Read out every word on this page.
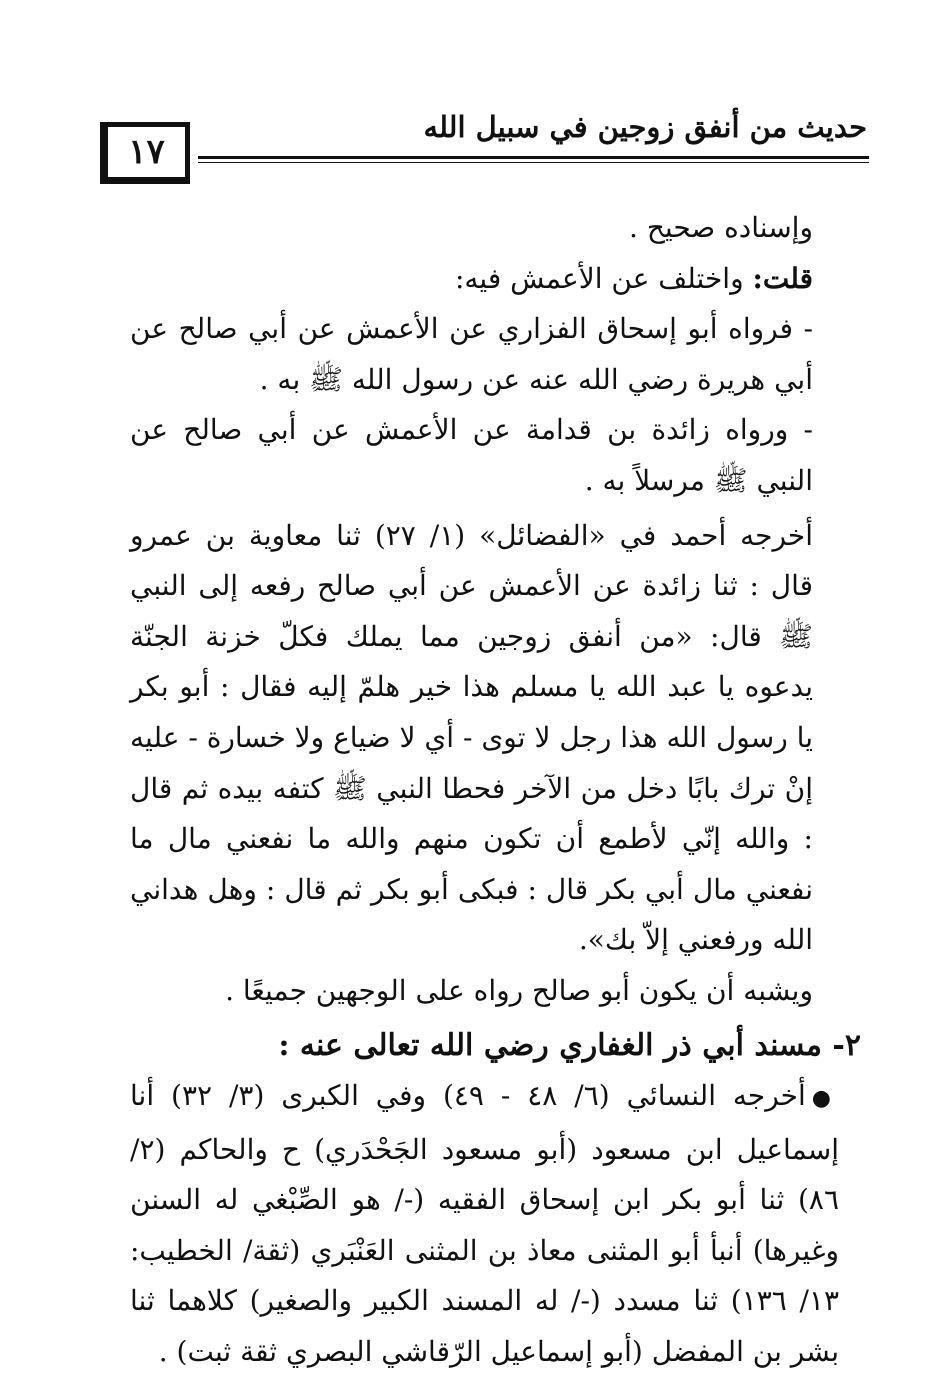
١٧
حديث من أنفق زوجين في سبيل الله

وإسناده صحيح .

قلت: واختلف عن الأعمش فيه:

- فرواه أبو إسحاق الفزاري عن الأعمش عن أبي صالح عن أبي هريرة رضي الله عنه عن رسول الله ﷺ به .

- ورواه زائدة بن قدامة عن الأعمش عن أبي صالح عن النبي ﷺ مرسلاً به .

أخرجه أحمد في «الفضائل» (١/ ٢٧) ثنا معاوية بن عمرو قال : ثنا زائدة عن الأعمش عن أبي صالح رفعه إلى النبي ﷺ قال: «من أنفق زوجين مما يملك فكلّ خزنة الجنّة يدعوه يا عبد الله يا مسلم هذا خير هلمّ إليه فقال : أبو بكر يا رسول الله هذا رجل لا توى - أي لا ضياع ولا خسارة - عليه إنْ ترك بابًا دخل من الآخر فحطا النبي ﷺ كتفه بيده ثم قال : والله إنّي لأطمع أن تكون منهم والله ما نفعني مال ما نفعني مال أبي بكر قال : فبكى أبو بكر ثم قال : وهل هداني الله ورفعني إلاّ بك».

ويشبه أن يكون أبو صالح رواه على الوجهين جميعًا .

٢- مسند أبي ذر الغفاري رضي الله تعالى عنه :

●أخرجه النسائي (٦/ ٤٨ - ٤٩) وفي الكبرى (٣/ ٣٢) أنا إسماعيل ابن مسعود (أبو مسعود الجَحْدَري) ح والحاكم (٢/ ٨٦) ثنا أبو بكر ابن إسحاق الفقيه (-/ هو الصِّبْغي له السنن وغيرها) أنبأ أبو المثنى معاذ بن المثنى العَنْبَري (ثقة/ الخطيب: ١٣/ ١٣٦) ثنا مسدد (-/ له المسند الكبير والصغير) كلاهما ثنا بشر بن المفضل (أبو إسماعيل الرّقاشي البصري ثقة ثبت) .
